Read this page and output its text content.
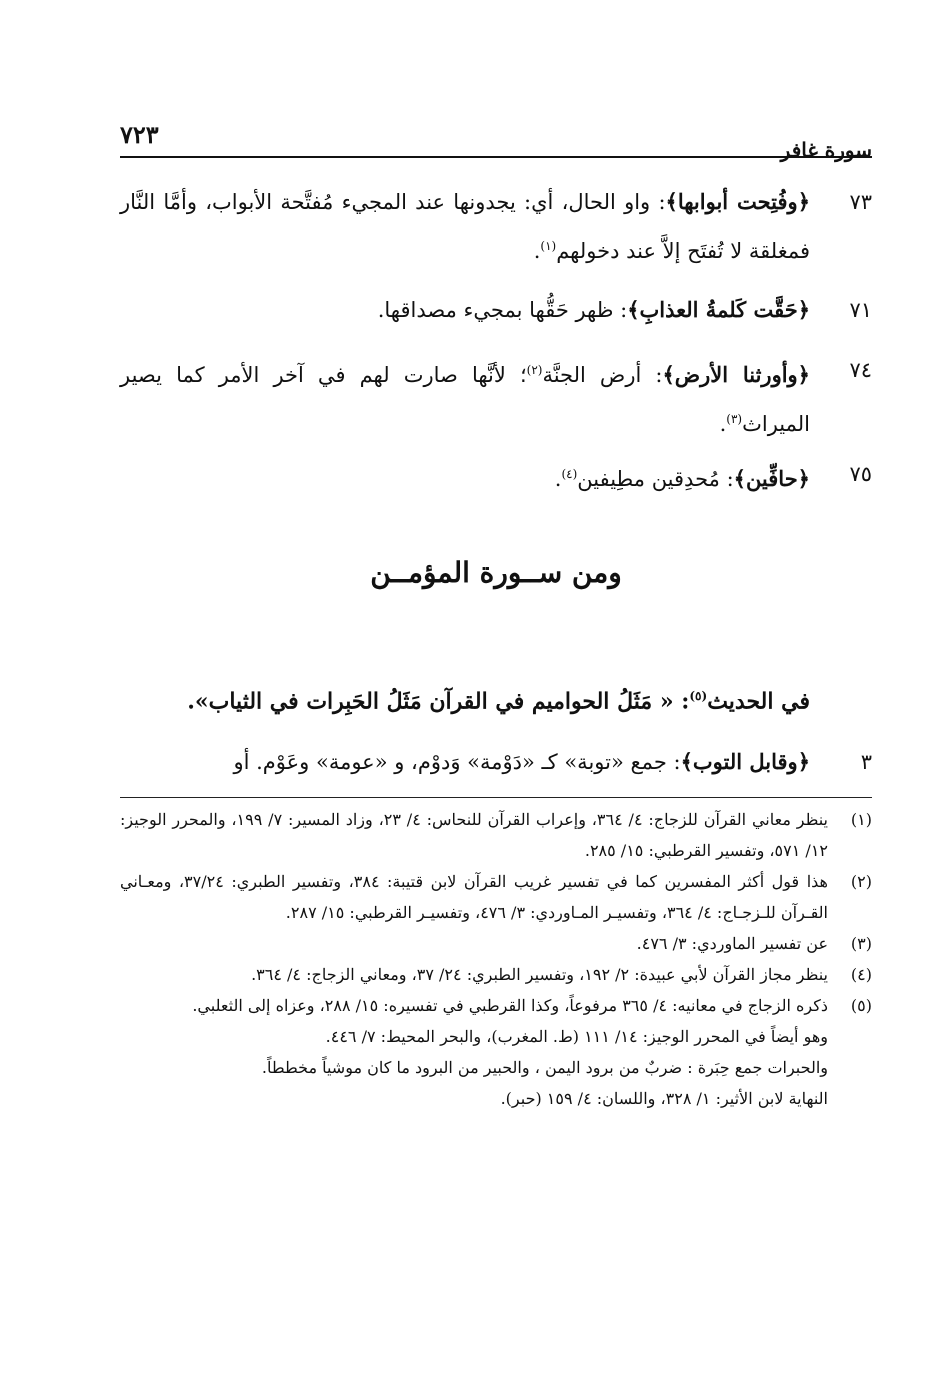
سورة غافر
٧٢٣
٧٣
﴿وفُتِحت أبوابها﴾: واو الحال، أي: يجدونها عند المجيء مُفتَّحة الأبواب، وأمَّا النَّار فمغلقة لا تُفتَح إلاَّ عند دخولهم$^{(١)}$.
٧١
﴿حَقَّت كَلمةُ العذابِ﴾: ظهر حَقُّها بمجيء مصداقها.
٧٤
﴿وأورثنا الأرض﴾: أرض الجنَّة$^{(٢)}$؛ لأنَّها صارت لهم في آخر الأمر كما يصير الميراث$^{(٣)}$.
٧٥
﴿حافِّين﴾: مُحدِقين مطِيفين$^{(٤)}$.
ومن ســورة المؤمــن
في الحديث$^{(٥)}$: « مَثَلُ الحواميم في القرآن مَثَلُ الحَبِرات في الثياب».
٣
﴿وقابل التوب﴾: جمع «توبة» كـ «دَوْمة» وَدوْم، و «عومة» وعَوْم. أو
(١)
ينظر معاني القرآن للزجاج: ٤/ ٣٦٤، وإعراب القرآن للنحاس: ٤/ ٢٣، وزاد المسير: ٧/ ١٩٩، والمحرر الوجيز: ١٢/ ٥٧١، وتفسير القرطبي: ١٥/ ٢٨٥.
(٢)
هذا قول أكثر المفسرين كما في تفسير غريب القرآن لابن قتيبة: ٣٨٤، وتفسير الطبري: ٣٧/٢٤، ومعـاني القـرآن للـزجـاج: ٤/ ٣٦٤، وتفسيـر المـاوردي: ٣/ ٤٧٦، وتفسيـر القرطبي: ١٥/ ٢٨٧.
(٣)
عن تفسير الماوردي: ٣/ ٤٧٦.
(٤)
ينظر مجاز القرآن لأبي عبيدة: ٢/ ١٩٢، وتفسير الطبري: ٢٤/ ٣٧، ومعاني الزجاج: ٤/ ٣٦٤.
(٥)
ذكره الزجاج في معانيه: ٤/ ٣٦٥ مرفوعاً، وكذا القرطبي في تفسيره: ١٥/ ٢٨٨، وعزاه إلى الثعلبي.
وهو أيضاً في المحرر الوجيز: ١٤/ ١١١ (ط. المغرب)، والبحر المحيط: ٧/ ٤٤٦.
والحبرات جمع حِبَرة : ضربٌ من برود اليمن ، والحبير من البرود ما كان موشياً مخططاً.
النهاية لابن الأثير: ١/ ٣٢٨، واللسان: ٤/ ١٥٩ (حبر).
